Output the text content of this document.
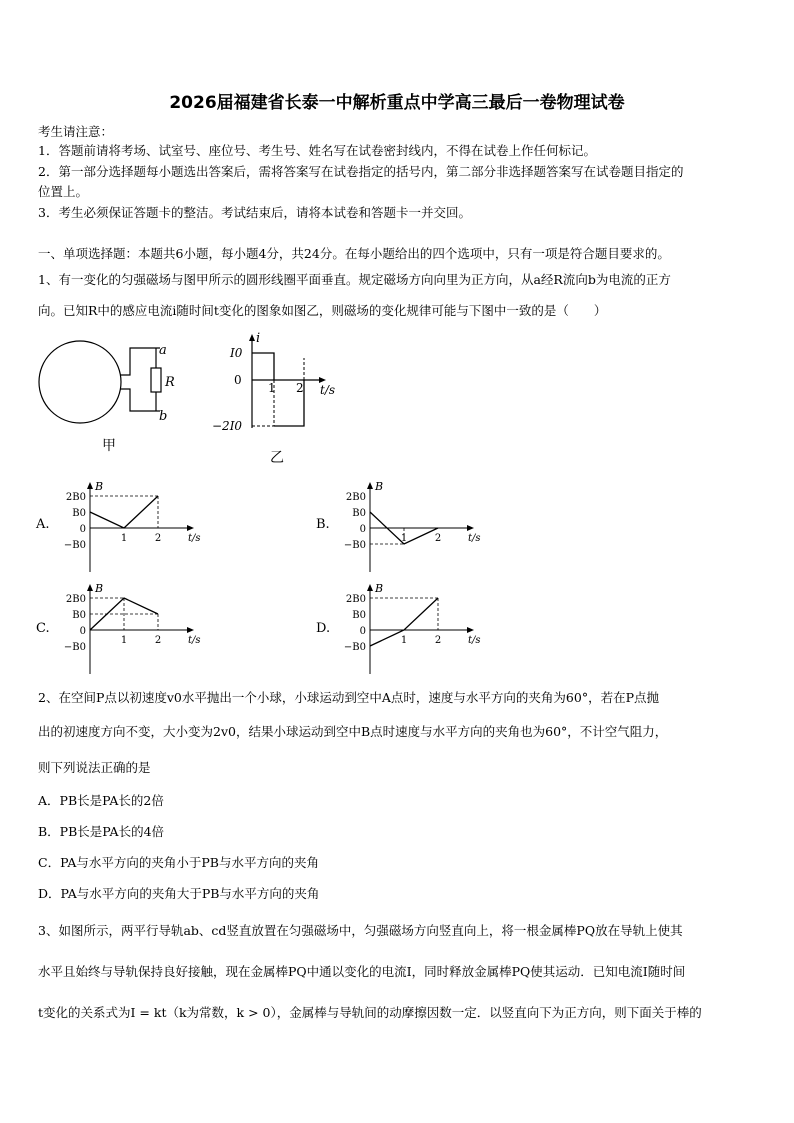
2026届福建省长泰一中解析重点中学高三最后一卷物理试卷
考生请注意：
1．答题前请将考场、试室号、座位号、考生号、姓名写在试卷密封线内，不得在试卷上作任何标记。
2．第一部分选择题每小题选出答案后，需将答案写在试卷指定的括号内，第二部分非选择题答案写在试卷题目指定的
位置上。
3．考生必须保证答题卡的整洁。考试结束后，请将本试卷和答题卡一并交回。
一、单项选择题：本题共6小题，每小题4分，共24分。在每小题给出的四个选项中，只有一项是符合题目要求的。
1、有一变化的匀强磁场与图甲所示的圆形线圈平面垂直。规定磁场方向向里为正方向，从a经R流向b为电流的正方
向。已知R中的感应电流i随时间t变化的图象如图乙，则磁场的变化规律可能与下图中一致的是（　　）
a
R
b
甲
i
I0
0
−2I0
1 2 t/s
乙
A.
2B0
B0
0
−B0
1	2
B
t/s
B.
2B0
B0
0
−B0
1	2
B
t/s
C.
2B0
B0
0
−B0
1	2
B
t/s
D.
2B0
B0
0
−B0
1	2
B
t/s
2、在空间P点以初速度v0水平抛出一个小球，小球运动到空中A点时，速度与水平方向的夹角为60°，若在P点抛
出的初速度方向不变，大小变为2v0，结果小球运动到空中B点时速度与水平方向的夹角也为60°，不计空气阻力，
则下列说法正确的是
A．PB长是PA长的2倍
B．PB长是PA长的4倍
C．PA与水平方向的夹角小于PB与水平方向的夹角
D．PA与水平方向的夹角大于PB与水平方向的夹角
3、如图所示，两平行导轨ab、cd竖直放置在匀强磁场中，匀强磁场方向竖直向上，将一根金属棒PQ放在导轨上使其
水平且始终与导轨保持良好接触，现在金属棒PQ中通以变化的电流I，同时释放金属棒PQ使其运动．已知电流I随时间
t变化的关系式为I = kt（k为常数，k > 0），金属棒与导轨间的动摩擦因数一定．以竖直向下为正方向，则下面关于棒的
